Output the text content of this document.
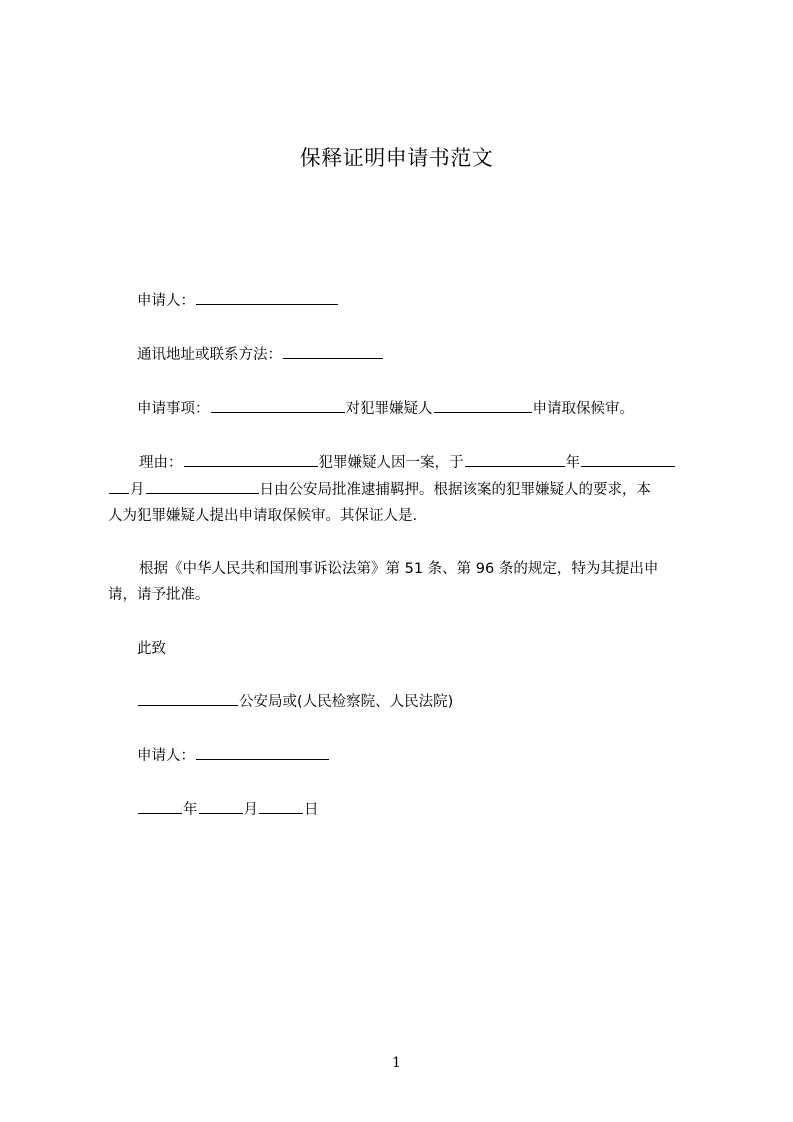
保释证明申请书范文
申请人：
通讯地址或联系方法：
申请事项：	对犯罪嫌疑人	申请取保候审。
理由：	犯罪嫌疑人因一案，于	年
月	日由公安局批准逮捕羁押。根据该案的犯罪嫌疑人的要求，本
人为犯罪嫌疑人提出申请取保候审。其保证人是.
根据《中华人民共和国刑事诉讼法第》第 51 条、第 96 条的规定，特为其提出申
请，请予批准。
此致
公安局或(人民检察院、人民法院)
申请人：
年	月	日
1
